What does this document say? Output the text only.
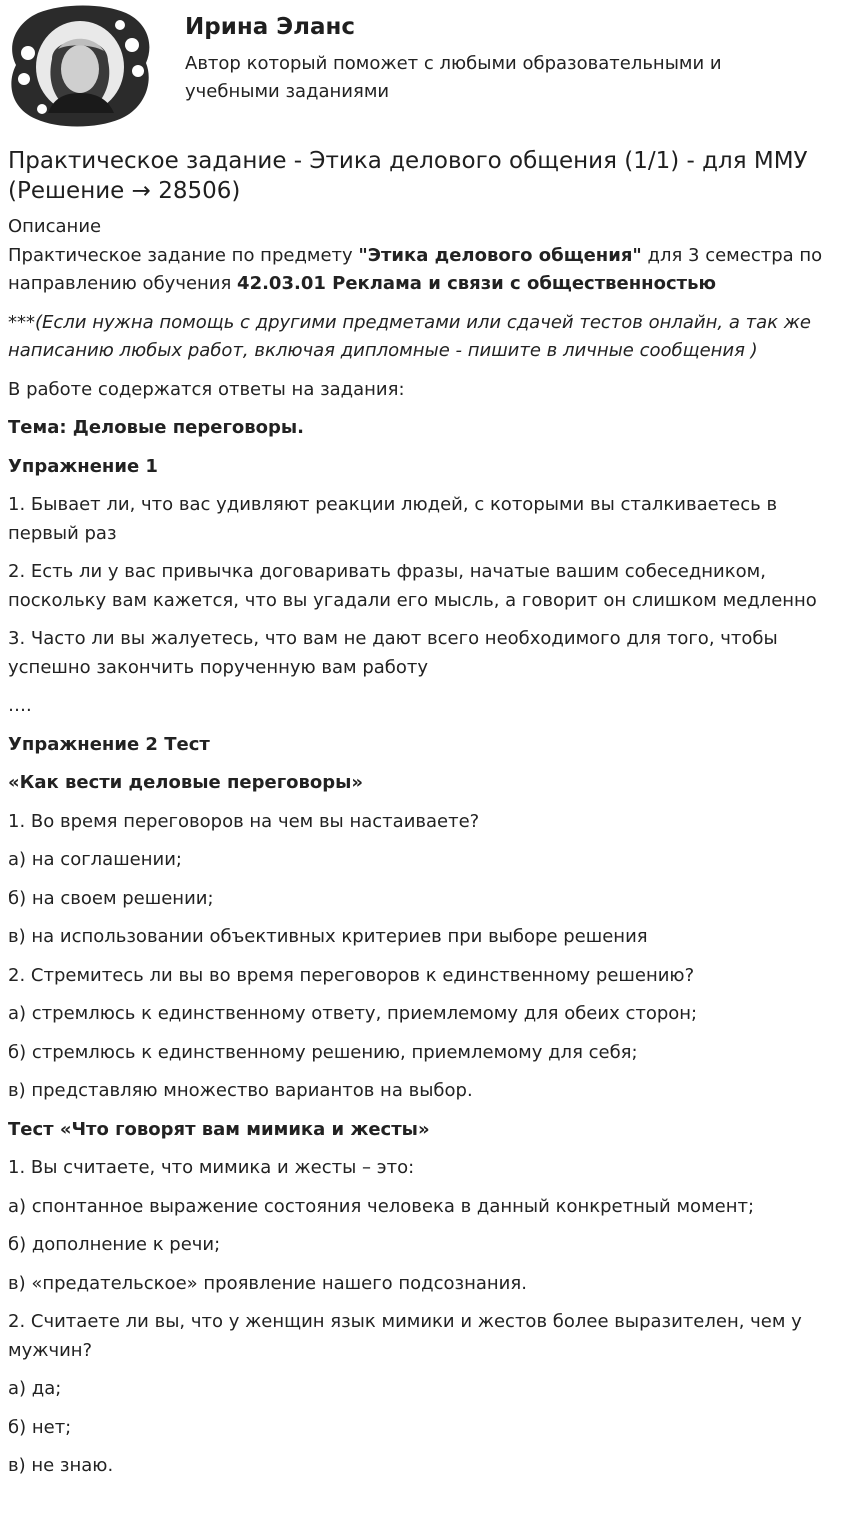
Ирина Эланс
Автор который поможет с любыми образовательными и учебными заданиями
Практическое задание - Этика делового общения (1/1) - для МMУ (Решение → 28506)

Описание

Практическое задание по предмету "Этика делового общения" для 3 семестра по направлению обучения 42.03.01 Реклама и связи с общественностью

***(Если нужна помощь с другими предметами или сдачей тестов онлайн, а так же написанию любых работ, включая дипломные - пишите в личные сообщения )

В работе содержатся ответы на задания:

Тема: Деловые переговоры.

Упражнение 1

1. Бывает ли, что вас удивляют реакции людей, с которыми вы сталкиваетесь в первый раз

2. Есть ли у вас привычка договаривать фразы, начатые вашим собеседником, поскольку вам кажется, что вы угадали его мысль, а говорит он слишком медленно

3. Часто ли вы жалуетесь, что вам не дают всего необходимого для того, чтобы успешно закончить порученную вам работу

….

Упражнение 2 Тест

«Как вести деловые переговоры»

1. Во время переговоров на чем вы настаиваете?

а) на соглашении;

б) на своем решении;

в) на использовании объективных критериев при выборе решения

2. Стремитесь ли вы во время переговоров к единственному решению?

а) стремлюсь к единственному ответу, приемлемому для обеих сторон;

б) стремлюсь к единственному решению, приемлемому для себя;

в) представляю множество вариантов на выбор.

Тест «Что говорят вам мимика и жесты»

1. Вы считаете, что мимика и жесты – это:

а) спонтанное выражение состояния человека в данный конкретный момент;

б) дополнение к речи;

в) «предательское» проявление нашего подсознания.

2. Считаете ли вы, что у женщин язык мимики и жестов более выразителен, чем у мужчин?

а) да;

б) нет;

в) не знаю.
